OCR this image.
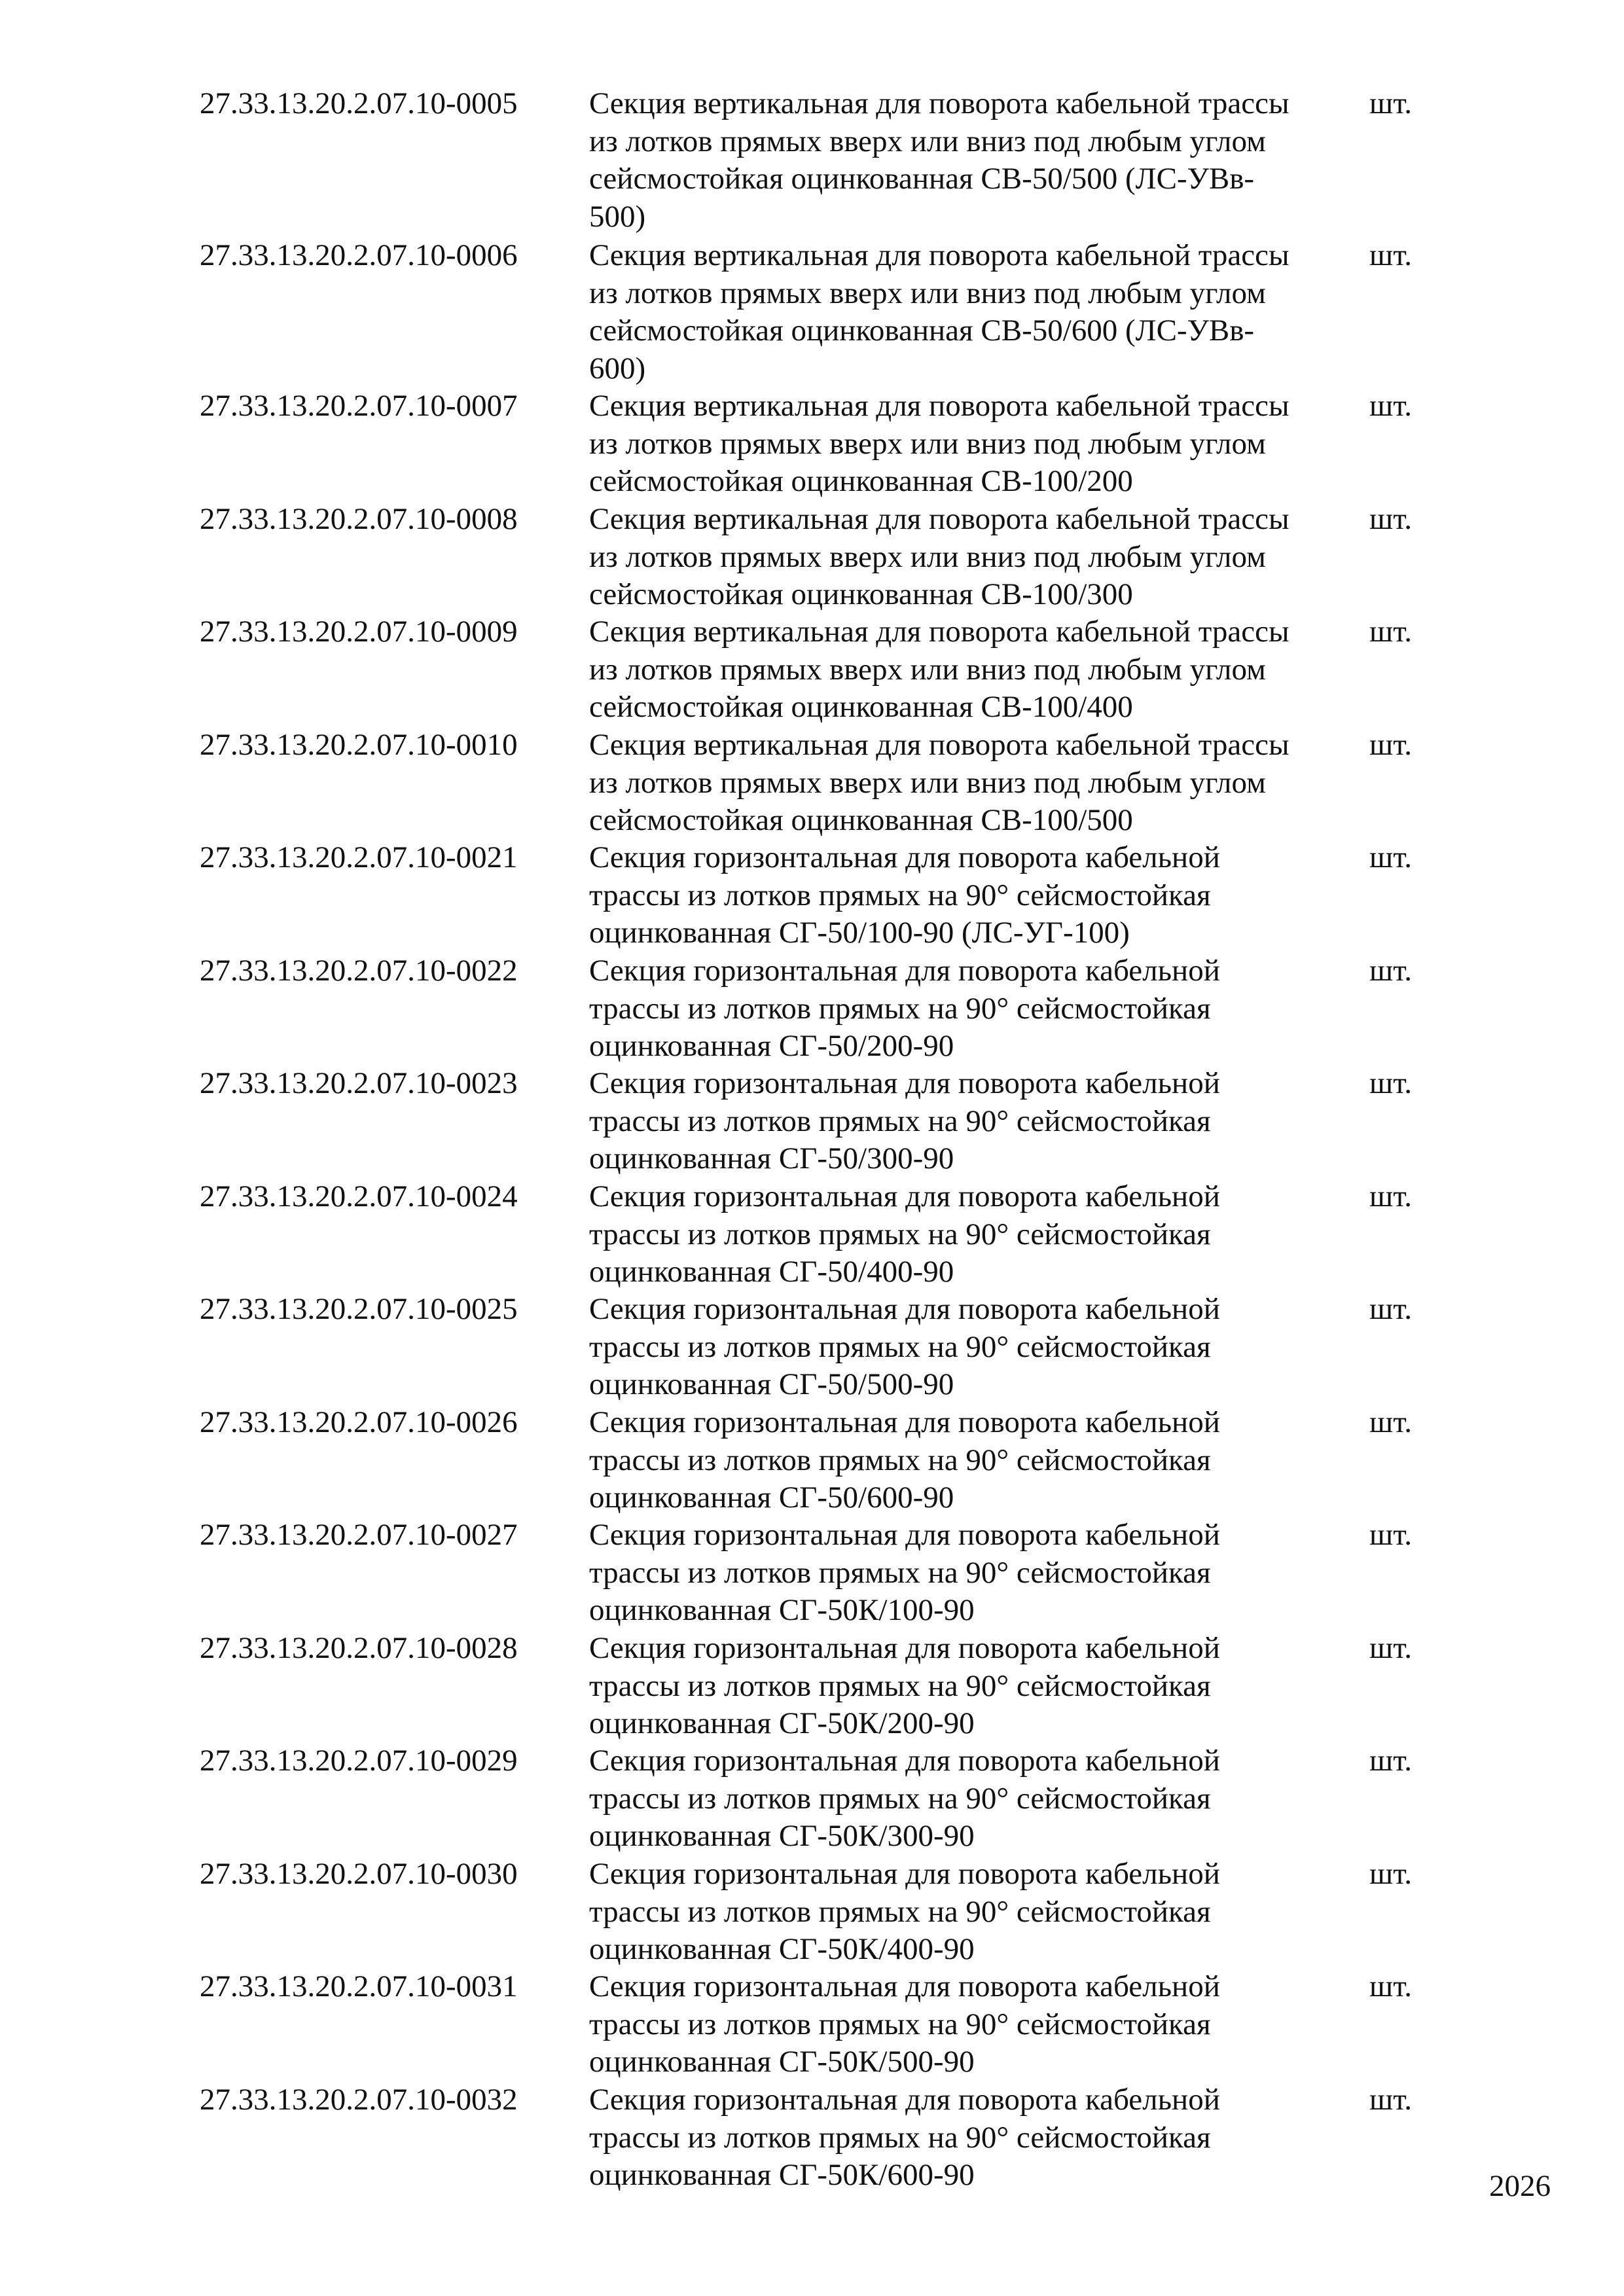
27.33.13.20.2.07.10-0005 Секция вертикальная для поворота кабельной трассы
из лотков прямых вверх или вниз под любым углом
сейсмостойкая оцинкованная СВ-50/500 (ЛС-УВв-
500)
шт.
27.33.13.20.2.07.10-0006 Секция вертикальная для поворота кабельной трассы
из лотков прямых вверх или вниз под любым углом
сейсмостойкая оцинкованная СВ-50/600 (ЛС-УВв-
600)
шт.
27.33.13.20.2.07.10-0007 Секция вертикальная для поворота кабельной трассы
из лотков прямых вверх или вниз под любым углом
сейсмостойкая оцинкованная СВ-100/200
шт.
27.33.13.20.2.07.10-0008 Секция вертикальная для поворота кабельной трассы
из лотков прямых вверх или вниз под любым углом
сейсмостойкая оцинкованная СВ-100/300
шт.
27.33.13.20.2.07.10-0009 Секция вертикальная для поворота кабельной трассы
из лотков прямых вверх или вниз под любым углом
сейсмостойкая оцинкованная СВ-100/400
шт.
27.33.13.20.2.07.10-0010 Секция вертикальная для поворота кабельной трассы
из лотков прямых вверх или вниз под любым углом
сейсмостойкая оцинкованная СВ-100/500
шт.
27.33.13.20.2.07.10-0021 Секция горизонтальная для поворота кабельной
трассы из лотков прямых на 90° сейсмостойкая
оцинкованная СГ-50/100-90 (ЛС-УГ-100)
шт.
27.33.13.20.2.07.10-0022 Секция горизонтальная для поворота кабельной
трассы из лотков прямых на 90° сейсмостойкая
оцинкованная СГ-50/200-90
шт.
27.33.13.20.2.07.10-0023 Секция горизонтальная для поворота кабельной
трассы из лотков прямых на 90° сейсмостойкая
оцинкованная СГ-50/300-90
шт.
27.33.13.20.2.07.10-0024 Секция горизонтальная для поворота кабельной
трассы из лотков прямых на 90° сейсмостойкая
оцинкованная СГ-50/400-90
шт.
27.33.13.20.2.07.10-0025 Секция горизонтальная для поворота кабельной
трассы из лотков прямых на 90° сейсмостойкая
оцинкованная СГ-50/500-90
шт.
27.33.13.20.2.07.10-0026 Секция горизонтальная для поворота кабельной
трассы из лотков прямых на 90° сейсмостойкая
оцинкованная СГ-50/600-90
шт.
27.33.13.20.2.07.10-0027 Секция горизонтальная для поворота кабельной
трассы из лотков прямых на 90° сейсмостойкая
оцинкованная СГ-50К/100-90
шт.
27.33.13.20.2.07.10-0028 Секция горизонтальная для поворота кабельной
трассы из лотков прямых на 90° сейсмостойкая
оцинкованная СГ-50К/200-90
шт.
27.33.13.20.2.07.10-0029 Секция горизонтальная для поворота кабельной
трассы из лотков прямых на 90° сейсмостойкая
оцинкованная СГ-50К/300-90
шт.
27.33.13.20.2.07.10-0030 Секция горизонтальная для поворота кабельной
трассы из лотков прямых на 90° сейсмостойкая
оцинкованная СГ-50К/400-90
шт.
27.33.13.20.2.07.10-0031 Секция горизонтальная для поворота кабельной
трассы из лотков прямых на 90° сейсмостойкая
оцинкованная СГ-50К/500-90
шт.
27.33.13.20.2.07.10-0032 Секция горизонтальная для поворота кабельной
трассы из лотков прямых на 90° сейсмостойкая
оцинкованная СГ-50К/600-90
шт.
2026
